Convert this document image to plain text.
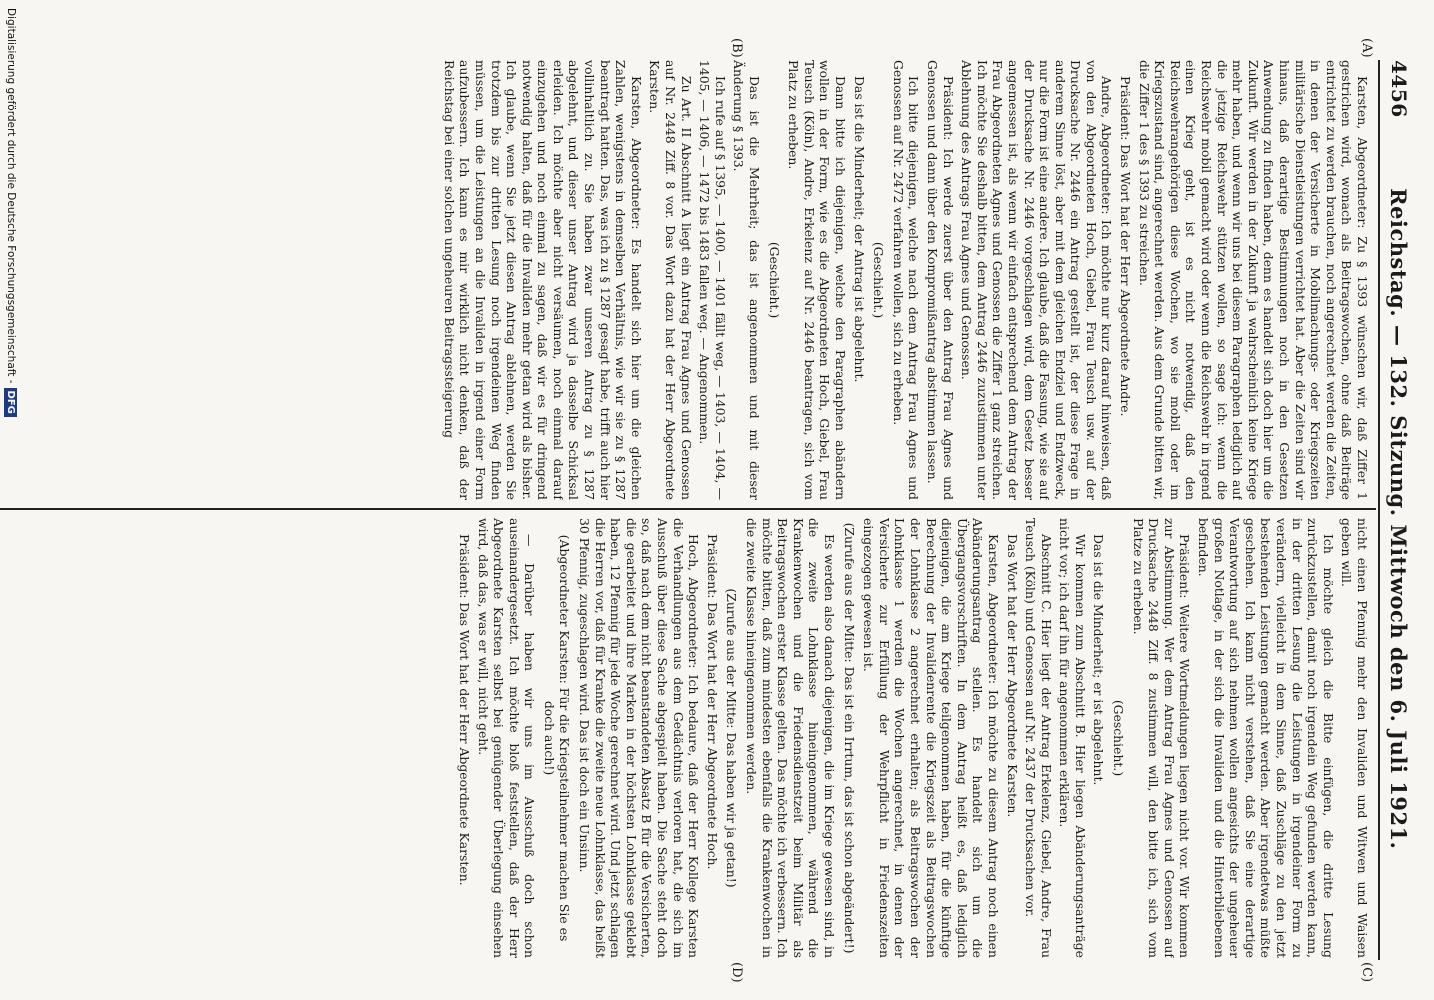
4456
Reichstag. — 132. Sitzung. Mittwoch den 6. Juli 1921.
(A)
(B)
(C)
(D)

Karsten, Abgeordneter: Zu § 1393 wünschen wir, daß Ziffer 1 gestrichen wird, wonach als Beitragswochen, ohne daß Beiträge entrichtet zu werden brauchen, noch angerechnet werden die Zeiten, in denen der Versicherte in Mobilmachungs- oder Kriegszeiten militärische Dienstleistungen verrichtet hat. Aber die Zeiten sind wir hinaus, daß derartige Bestimmungen noch in den Gesetzen Anwendung zu finden haben, denn es handelt sich doch hier um die Zukunft. Wir werden in der Zukunft ja wahrscheinlich keine Kriege mehr haben, und wenn wir uns bei diesem Paragraphen lediglich auf die jetzige Reichswehr stützen wollen, so sage ich: wenn die Reichswehr mobil gemacht wird oder wenn die Reichswehr in irgend einen Krieg geht, ist es nicht notwendig, daß den Reichswehrangehörigen diese Wochen, wo sie mobil oder im Kriegszustand sind, angerechnet werden. Aus dem Grunde bitten wir, die Ziffer 1 des § 1393 zu streichen.

Präsident: Das Wort hat der Herr Abgeordnete Andre.

Andre, Abgeordneter: Ich möchte nur kurz darauf hinweisen, daß von den Abgeordneten Hoch, Giebel, Frau Teusch usw. auf der Drucksache Nr. 2446 ein Antrag gestellt ist, der diese Frage in anderem Sinne löst, aber mit dem gleichen Endziel und Endzweck, nur die Form ist eine andere. Ich glaube, daß die Fassung, wie sie auf der Drucksache Nr. 2446 vorgeschlagen wird, dem Gesetz besser angemessen ist, als wenn wir einfach entsprechend dem Antrag der Frau Abgeordneten Agnes und Genossen die Ziffer 1 ganz streichen. Ich möchte Sie deshalb bitten, dem Antrag 2446 zuzustimmen unter Ablehnung des Antrags Frau Agnes und Genossen.

Präsident: Ich werde zuerst über den Antrag Frau Agnes und Genossen und dann über den Kompromißantrag abstimmen lassen.

Ich bitte diejenigen, welche nach dem Antrag Frau Agnes und Genossen auf Nr. 2472 verfahren wollen, sich zu erheben.

(Geschieht.)

Das ist die Minderheit; der Antrag ist abgelehnt.

Dann bitte ich diejenigen, welche den Paragraphen abändern wollen in der Form, wie es die Abgeordneten Hoch, Giebel, Frau Teusch (Köln), Andre, Erkelenz auf Nr. 2446 beantragen, sich vom Platz zu erheben.

(Geschieht.)

Das ist die Mehrheit; das ist angenommen und mit dieser Änderung § 1393.

Ich rufe auf § 1395, — 1400, — 1401 fällt weg, — 1403, — 1404, — 1405, — 1406, — 1472 bis 1483 fallen weg. — Angenommen.

Zu Art. II Abschnitt A liegt ein Antrag Frau Agnes und Genossen auf Nr. 2448 Ziff. 8 vor. Das Wort dazu hat der Herr Abgeordnete Karsten.

Karsten, Abgeordneter: Es handelt sich hier um die gleichen Zahlen, wenigstens in demselben Verhältnis, wie wir sie zu § 1287 beantragt hatten. Das, was ich zu § 1287 gesagt habe, trifft auch hier vollinhaltlich zu. Sie haben zwar unseren Antrag zu § 1287 abgelehnt, und dieser unser Antrag wird ja dasselbe Schicksal erleiden. Ich möchte aber nicht versäumen, noch einmal darauf einzugehen und noch einmal zu sagen, daß wir es für dringend notwendig halten, daß für die Invaliden mehr getan wird als bisher. Ich glaube, wenn Sie jetzt diesen Antrag ablehnen, werden Sie trotzdem bis zur dritten Lesung noch irgendeinen Weg finden müssen, um die Leistungen an die Invaliden in irgend einer Form aufzubessern. Ich kann es mir wirklich nicht denken, daß der Reichstag bei einer solchen ungeheuren Beitragssteigerung

nicht einen Pfennig mehr den Invaliden und Witwen und Waisen geben will.

Ich möchte gleich die Bitte einfügen, die dritte Lesung zurückzustellen, damit noch irgendein Weg gefunden werden kann, in der dritten Lesung die Leistungen in irgendeiner Form zu verändern, vielleicht in dem Sinne, daß Zuschläge zu den jetzt bestehenden Leistungen gemacht werden. Aber irgendetwas müßte geschehen. Ich kann nicht verstehen, daß Sie eine derartige Verantwortung auf sich nehmen wollen angesichts der ungeheuer großen Notlage, in der sich die Invaliden und die Hinterbliebenen befinden.

Präsident: Weitere Wortmeldungen liegen nicht vor. Wir kommen zur Abstimmung. Wer dem Antrag Frau Agnes und Genossen auf Drucksache 2448 Ziff. 8 zustimmen will, den bitte ich, sich vom Platze zu erheben.

(Geschieht.)

Das ist die Minderheit; er ist abgelehnt.

Wir kommen zum Abschnitt B. Hier liegen Abänderungsanträge nicht vor; ich darf ihn für angenommen erklären.

Abschnitt C. Hier liegt der Antrag Erkelenz, Giebel, Andre, Frau Teusch (Köln) und Genossen auf Nr. 2437 der Drucksachen vor.

Das Wort hat der Herr Abgeordnete Karsten.

Karsten, Abgeordneter: Ich möchte zu diesem Antrag noch einen Abänderungsantrag stellen. Es handelt sich um die Übergangsvorschriften. In dem Antrag heißt es, daß lediglich diejenigen, die am Kriege teilgenommen haben, für die künftige Berechnung der Invalidenrente die Kriegszeit als Beitragswochen der Lohnklasse 2 angerechnet erhalten; als Beitragswochen der Lohnklasse 1 werden die Wochen angerechnet, in denen der Versicherte zur Erfüllung der Wehrpflicht in Friedenszeiten eingezogen gewesen ist.

(Zurufe aus der Mitte: Das ist ein Irrtum, das ist schon abgeändert!)

Es werden also danach diejenigen, die im Kriege gewesen sind, in die zweite Lohnklasse hineingenommen, während die Krankenwochen und die Friedensdienstzeit beim Militär als Beitragswochen erster Klasse gelten. Das möchte ich verbessern. Ich möchte bitten, daß zum mindesten ebenfalls die Krankenwochen in die zweite Klasse hineingenommen werden.

(Zurufe aus der Mitte: Das haben wir ja getan!)

Präsident: Das Wort hat der Herr Abgeordnete Hoch.

Hoch, Abgeordneter: Ich bedaure, daß der Herr Kollege Karsten die Verhandlungen aus dem Gedächtnis verloren hat, die sich im Ausschuß über diese Sache abgespielt haben. Die Sache steht doch so, daß nach dem nicht beanstandeten Absatz B für die Versicherten, die gearbeitet und ihre Marken in der höchsten Lohnklasse geklebt haben, 12 Pfennig für jede Woche gerechnet wird. Und jetzt schlagen die Herren vor, daß für Kranke die zweite neue Lohnklasse, das heißt 30 Pfennig, zugeschlagen wird. Das ist doch ein Unsinn.

(Abgeordneter Karsten: Für die Kriegsteilnehmer machen Sie es doch auch!)

— Darüber haben wir uns im Ausschuß doch schon auseinandergesetzt. Ich möchte bloß feststellen, daß der Herr Abgeordnete Karsten selbst bei genügender Überlegung einsehen wird, daß das, was er will, nicht geht.

Präsident: Das Wort hat der Herr Abgeordnete Karsten.

Digitalisierung gefördert durch die Deutsche Forschungsgemeinschaft -
DFG
